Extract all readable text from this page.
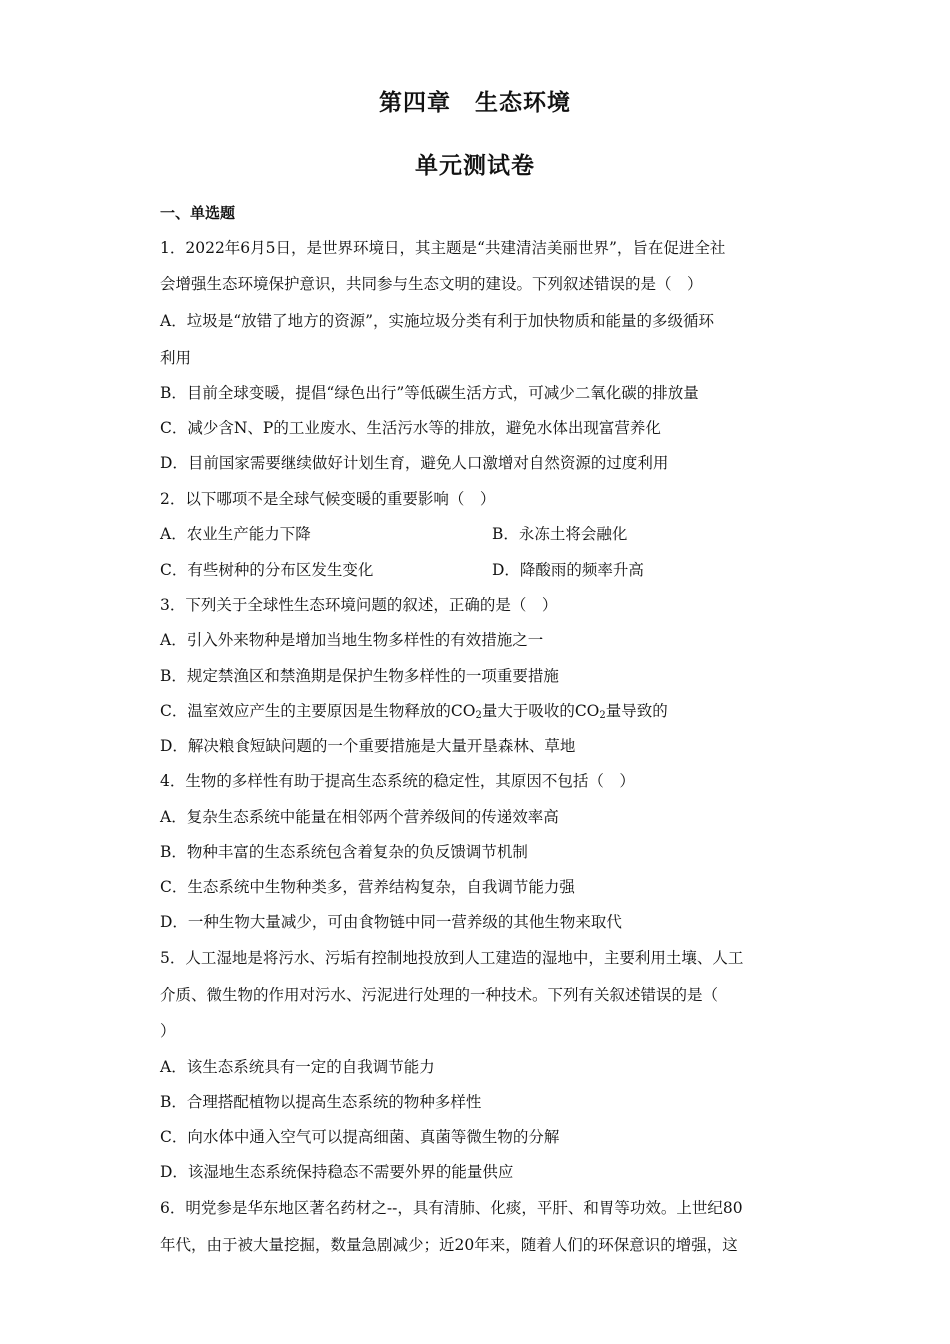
第四章　生态环境
单元测试卷
一、单选题
1．2022年6月5日，是世界环境日，其主题是“共建清洁美丽世界”，旨在促进全社
会增强生态环境保护意识，共同参与生态文明的建设。下列叙述错误的是（　）
A．垃圾是“放错了地方的资源”，实施垃圾分类有利于加快物质和能量的多级循环
利用
B．目前全球变暖，提倡“绿色出行”等低碳生活方式，可减少二氧化碳的排放量
C．减少含N、P的工业废水、生活污水等的排放，避免水体出现富营养化
D．目前国家需要继续做好计划生育，避免人口激增对自然资源的过度利用
2．以下哪项不是全球气候变暖的重要影响（　）
A．农业生产能力下降	B．永冻土将会融化
C．有些树种的分布区发生变化	D．降酸雨的频率升高
3．下列关于全球性生态环境问题的叙述，正确的是（　）
A．引入外来物种是增加当地生物多样性的有效措施之一
B．规定禁渔区和禁渔期是保护生物多样性的一项重要措施
C．温室效应产生的主要原因是生物释放的$CO_2$量大于吸收的$CO_2$量导致的
D．解决粮食短缺问题的一个重要措施是大量开垦森林、草地
4．生物的多样性有助于提高生态系统的稳定性，其原因不包括（　）
A．复杂生态系统中能量在相邻两个营养级间的传递效率高
B．物种丰富的生态系统包含着复杂的负反馈调节机制
C．生态系统中生物种类多，营养结构复杂，自我调节能力强
D．一种生物大量减少，可由食物链中同一营养级的其他生物来取代
5．人工湿地是将污水、污垢有控制地投放到人工建造的湿地中，主要利用土壤、人工
介质、微生物的作用对污水、污泥进行处理的一种技术。下列有关叙述错误的是（
）
A．该生态系统具有一定的自我调节能力
B．合理搭配植物以提高生态系统的物种多样性
C．向水体中通入空气可以提高细菌、真菌等微生物的分解
D．该湿地生态系统保持稳态不需要外界的能量供应
6．明党参是华东地区著名药材之--，具有清肺、化痰，平肝、和胃等功效。上世纪80
年代，由于被大量挖掘，数量急剧减少；近20年来，随着人们的环保意识的增强，这
